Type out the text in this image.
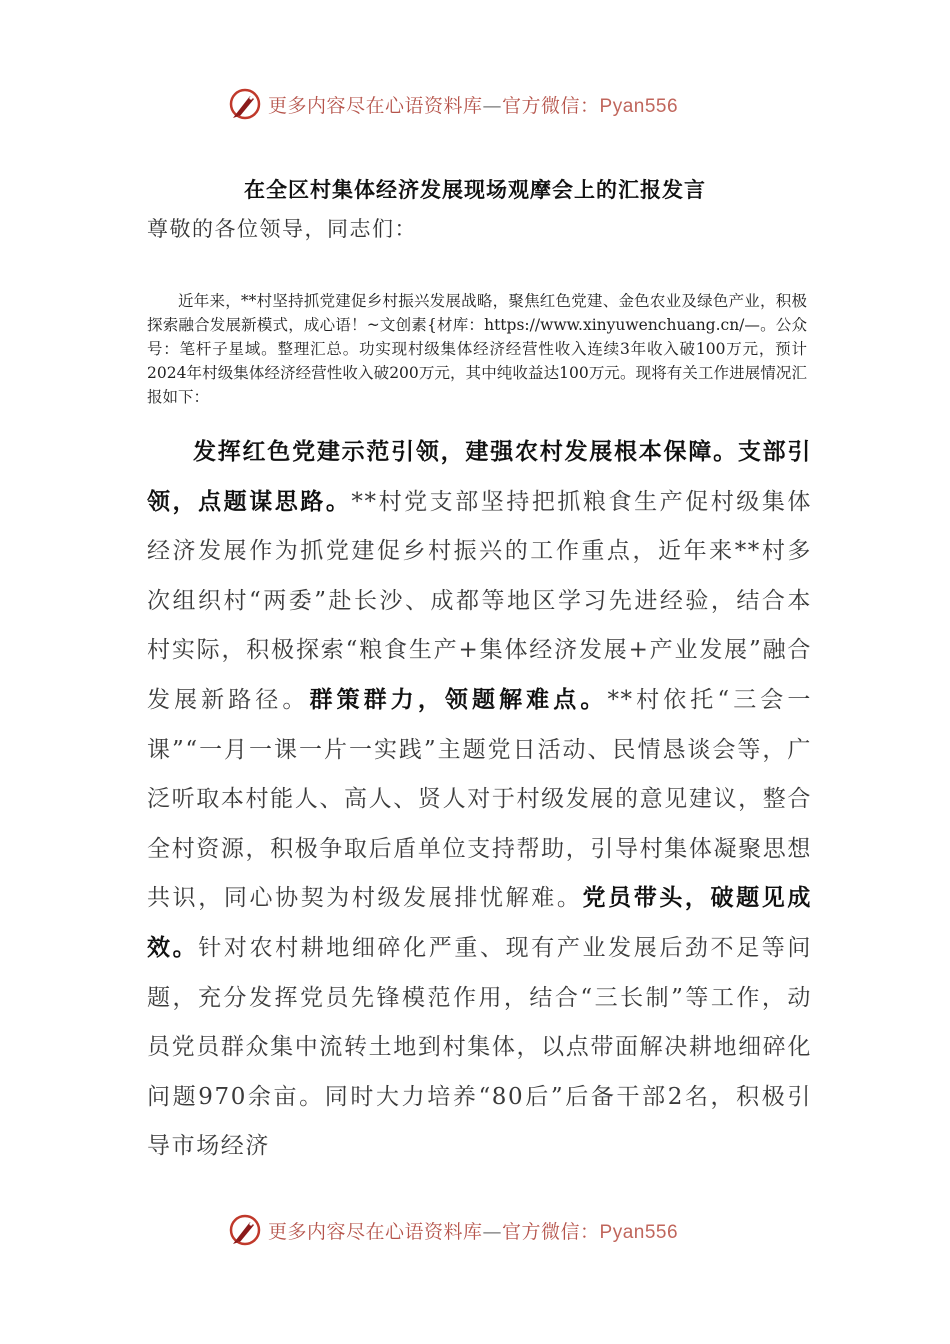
更多内容尽在心语资料库—官方微信：Pyan556
在全区村集体经济发展现场观摩会上的汇报发言
尊敬的各位领导，同志们：

近年来，**村坚持抓党建促乡村振兴发展战略，聚焦红色党建、金色农业及绿色产业，积极探索融合发展新模式，成心语！~文创素{材库：https://www.xinyuwenchuang.cn/—。公众号：笔杆子星域。整理汇总。功实现村级集体经济经营性收入连续3年收入破100万元，预计2024年村级集体经济经营性收入破200万元，其中纯收益达100万元。现将有关工作进展情况汇报如下：

发挥红色党建示范引领，建强农村发展根本保障。支部引领，点题谋思路。**村党支部坚持把抓粮食生产促村级集体经济发展作为抓党建促乡村振兴的工作重点，近年来**村多次组织村“两委”赴长沙、成都等地区学习先进经验，结合本村实际，积极探索“粮食生产+集体经济发展+产业发展”融合发展新路径。群策群力，领题解难点。**村依托“三会一课”“一月一课一片一实践”主题党日活动、民情恳谈会等，广泛听取本村能人、高人、贤人对于村级发展的意见建议，整合全村资源，积极争取后盾单位支持帮助，引导村集体凝聚思想共识，同心协契为村级发展排忧解难。党员带头，破题见成效。针对农村耕地细碎化严重、现有产业发展后劲不足等问题，充分发挥党员先锋模范作用，结合“三长制”等工作，动员党员群众集中流转土地到村集体，以点带面解决耕地细碎化问题970余亩。同时大力培养“80后”后备干部2名，积极引导市场经济

更多内容尽在心语资料库—官方微信：Pyan556
